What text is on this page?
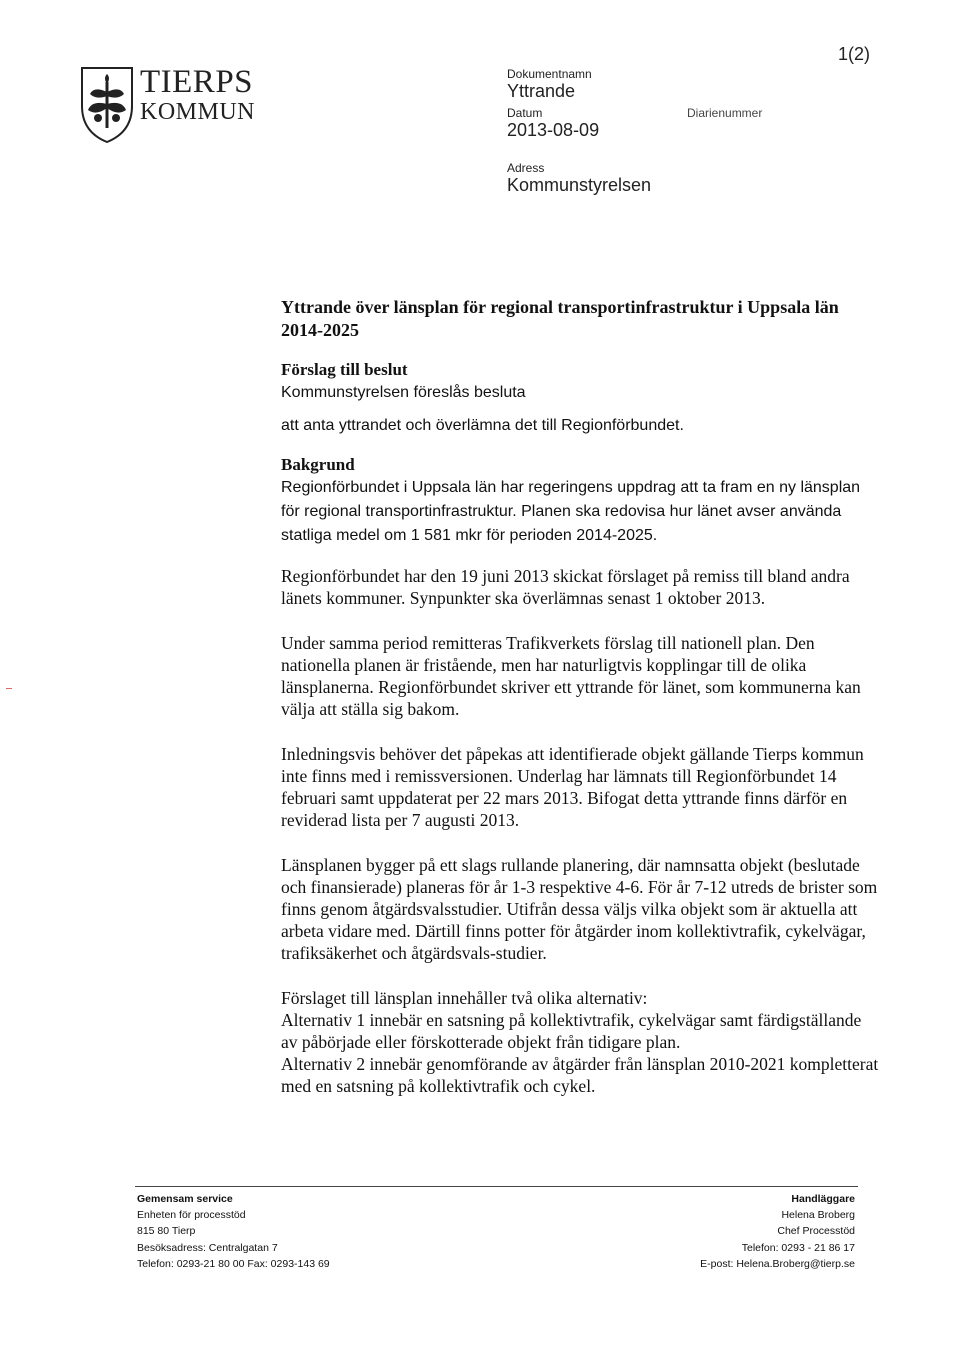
TIERPS
KOMMUN
1(2)
Dokumentnamn
Yttrande
Datum
2013-08-09
Diarienummer
Adress
Kommunstyrelsen

Yttrande över länsplan för regional transportinfrastruktur i Uppsala län 2014-2025

Förslag till beslut

Kommunstyrelsen föreslås besluta

att anta yttrandet och överlämna det till Regionförbundet.

Bakgrund

Regionförbundet i Uppsala län har regeringens uppdrag att ta fram en ny länsplan för regional transportinfrastruktur. Planen ska redovisa hur länet avser använda statliga medel om 1 581 mkr för perioden 2014-2025.

Regionförbundet har den 19 juni 2013 skickat förslaget på remiss till bland andra länets kommuner. Synpunkter ska överlämnas senast 1 oktober 2013.

Under samma period remitteras Trafikverkets förslag till nationell plan. Den nationella planen är fristående, men har naturligtvis kopplingar till de olika länsplanerna. Regionförbundet skriver ett yttrande för länet, som kommunerna kan välja att ställa sig bakom.

Inledningsvis behöver det påpekas att identifierade objekt gällande Tierps kommun inte finns med i remissversionen. Underlag har lämnats till Regionförbundet 14 februari samt uppdaterat per 22 mars 2013. Bifogat detta yttrande finns därför en reviderad lista per 7 augusti 2013.

Länsplanen bygger på ett slags rullande planering, där namnsatta objekt (beslutade och finansierade) planeras för år 1-3 respektive 4-6. För år 7-12 utreds de brister som finns genom åtgärdsvalsstudier. Utifrån dessa väljs vilka objekt som är aktuella att arbeta vidare med. Därtill finns potter för åtgärder inom kollektivtrafik, cykelvägar, trafiksäkerhet och åtgärdsvals-studier.

Förslaget till länsplan innehåller två olika alternativ:

Alternativ 1 innebär en satsning på kollektivtrafik, cykelvägar samt färdigställande av påbörjade eller förskotterade objekt från tidigare plan.

Alternativ 2 innebär genomförande av åtgärder från länsplan 2010-2021 kompletterat med en satsning på kollektivtrafik och cykel.

Gemensam service
Enheten för processtöd
815 80 Tierp
Besöksadress: Centralgatan 7
Telefon: 0293-21 80 00 Fax: 0293-143 69
Handläggare
Helena Broberg
Chef Processtöd
Telefon: 0293 - 21 86 17
E-post: Helena.Broberg@tierp.se
